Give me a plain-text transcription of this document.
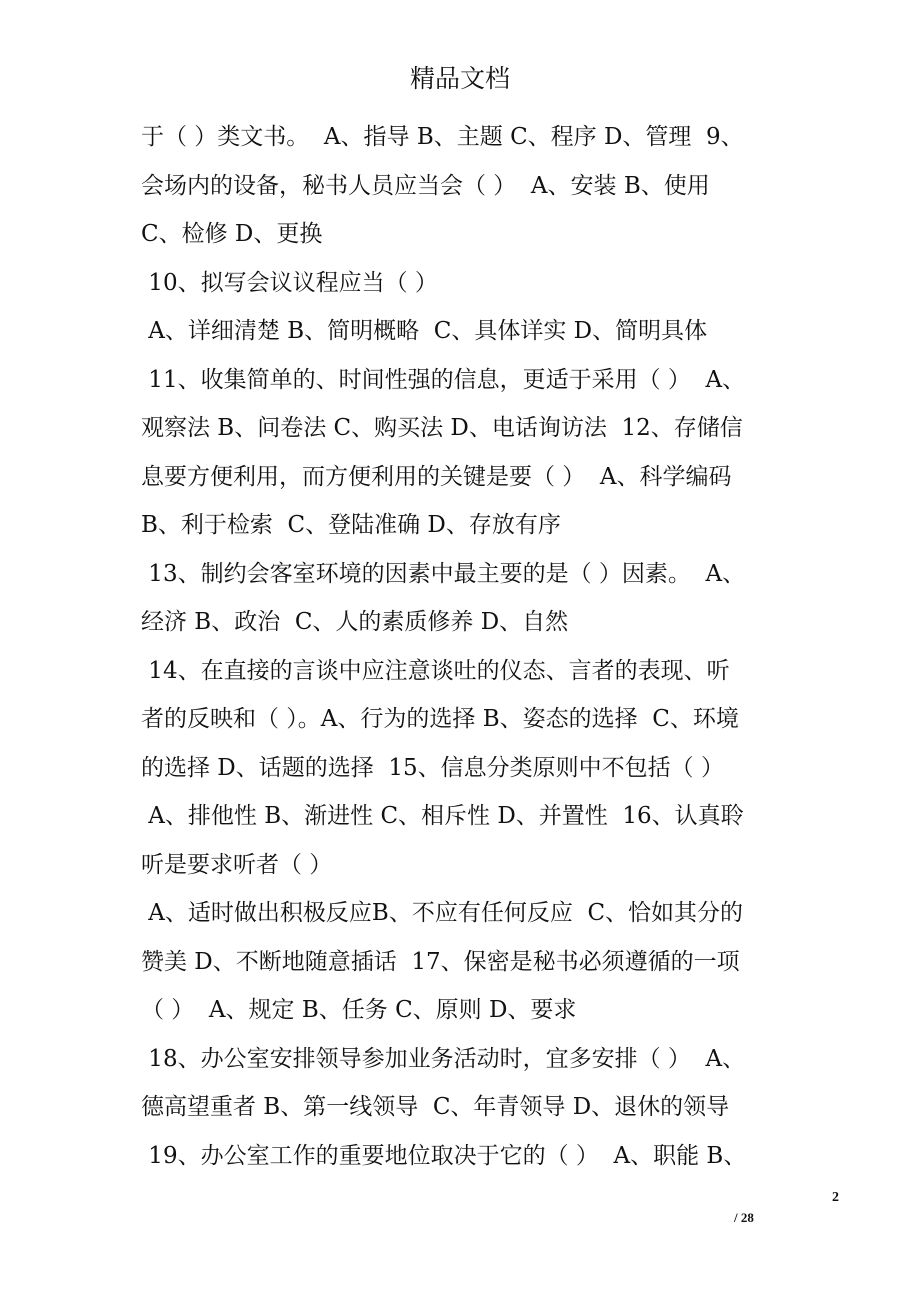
精品文档
于（ ）类文书。  A、指导 B、主题 C、程序 D、管理  9、
会场内的设备，秘书人员应当会（ ）  A、安装 B、使用
C、检修 D、更换
10、拟写会议议程应当（ ）
A、详细清楚 B、简明概略  C、具体详实 D、简明具体
11、收集简单的、时间性强的信息，更适于采用（ ）  A、
观察法 B、问卷法 C、购买法 D、电话询访法  12、存储信
息要方便利用，而方便利用的关键是要（ ）  A、科学编码
B、利于检索  C、登陆准确 D、存放有序
13、制约会客室环境的因素中最主要的是（ ）因素。  A、
经济 B、政治  C、人的素质修养 D、自然
14、在直接的言谈中应注意谈吐的仪态、言者的表现、听
者的反映和（ ）。A、行为的选择 B、姿态的选择  C、环境
的选择 D、话题的选择  15、信息分类原则中不包括（ ）
A、排他性 B、渐进性 C、相斥性 D、并置性  16、认真聆
听是要求听者（ ）
A、适时做出积极反应B、不应有任何反应  C、恰如其分的
赞美 D、不断地随意插话  17、保密是秘书必须遵循的一项
（ ）  A、规定 B、任务 C、原则 D、要求
18、办公室安排领导参加业务活动时，宜多安排（ ）  A、
德高望重者 B、第一线领导  C、年青领导 D、退休的领导
19、办公室工作的重要地位取决于它的（ ）  A、职能 B、
2
/ 28
